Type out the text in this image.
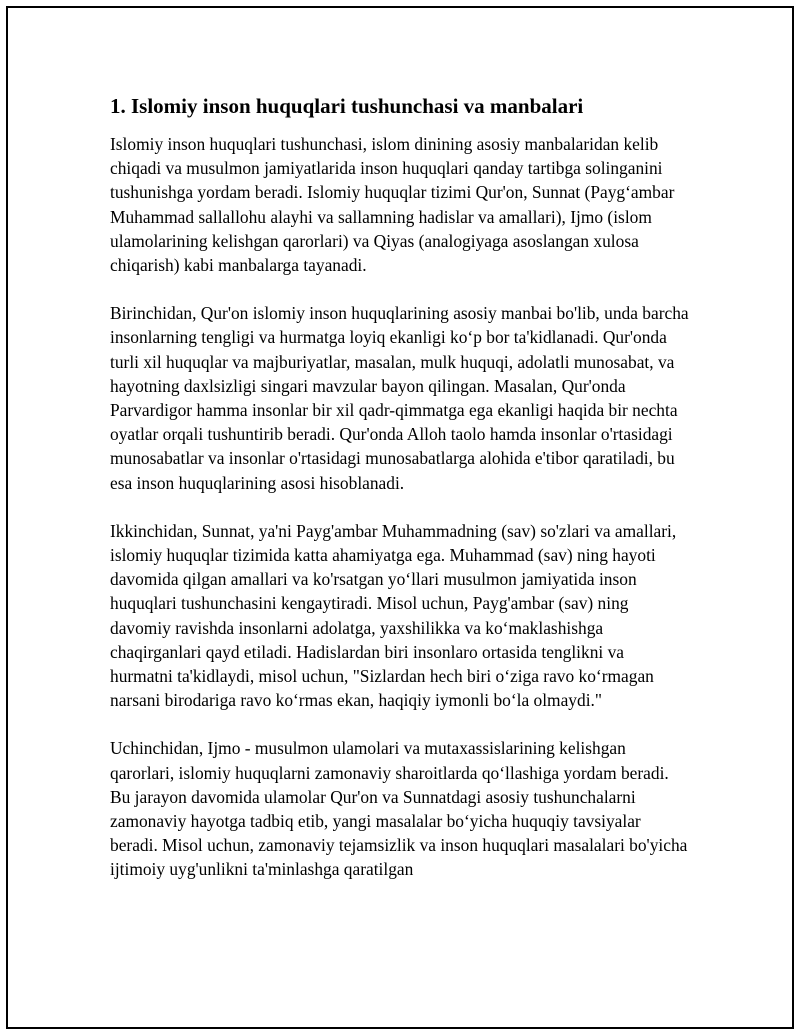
1. Islomiy inson huquqlari tushunchasi va manbalari

Islomiy inson huquqlari tushunchasi, islom dinining asosiy manbalaridan kelib chiqadi va musulmon jamiyatlarida inson huquqlari qanday tartibga solinganini tushunishga yordam beradi. Islomiy huquqlar tizimi Qur'on, Sunnat (Payg‘ambar Muhammad sallallohu alayhi va sallamning hadislar va amallari), Ijmo (islom ulamolarining kelishgan qarorlari) va Qiyas (analogiyaga asoslangan xulosa chiqarish) kabi manbalarga tayanadi.

Birinchidan, Qur'on islomiy inson huquqlarining asosiy manbai bo'lib, unda barcha insonlarning tengligi va hurmatga loyiq ekanligi ko‘p bor ta'kidlanadi. Qur'onda turli xil huquqlar va majburiyatlar, masalan, mulk huquqi, adolatli munosabat, va hayotning daxlsizligi singari mavzular bayon qilingan. Masalan, Qur'onda Parvardigor hamma insonlar bir xil qadr-qimmatga ega ekanligi haqida bir nechta oyatlar orqali tushuntirib beradi. Qur'onda Alloh taolo hamda insonlar o'rtasidagi munosabatlar va insonlar o'rtasidagi munosabatlarga alohida e'tibor qaratiladi, bu esa inson huquqlarining asosi hisoblanadi.

Ikkinchidan, Sunnat, ya'ni Payg'ambar Muhammadning (sav) so'zlari va amallari, islomiy huquqlar tizimida katta ahamiyatga ega. Muhammad (sav) ning hayoti davomida qilgan amallari va ko'rsatgan yo‘llari musulmon jamiyatida inson huquqlari tushunchasini kengaytiradi. Misol uchun, Payg'ambar (sav) ning davomiy ravishda insonlarni adolatga, yaxshilikka va ko‘maklashishga chaqirganlari qayd etiladi. Hadislardan biri insonlaro ortasida tenglikni va hurmatni ta'kidlaydi, misol uchun, "Sizlardan hech biri o‘ziga ravo ko‘rmagan narsani birodariga ravo ko‘rmas ekan, haqiqiy iymonli bo‘la olmaydi."

Uchinchidan, Ijmo - musulmon ulamolari va mutaxassislarining kelishgan qarorlari, islomiy huquqlarni zamonaviy sharoitlarda qo‘llashiga yordam beradi. Bu jarayon davomida ulamolar Qur'on va Sunnatdagi asosiy tushunchalarni zamonaviy hayotga tadbiq etib, yangi masalalar bo‘yicha huquqiy tavsiyalar beradi. Misol uchun, zamonaviy tejamsizlik va inson huquqlari masalalari bo'yicha ijtimoiy uyg'unlikni ta'minlashga qaratilgan
